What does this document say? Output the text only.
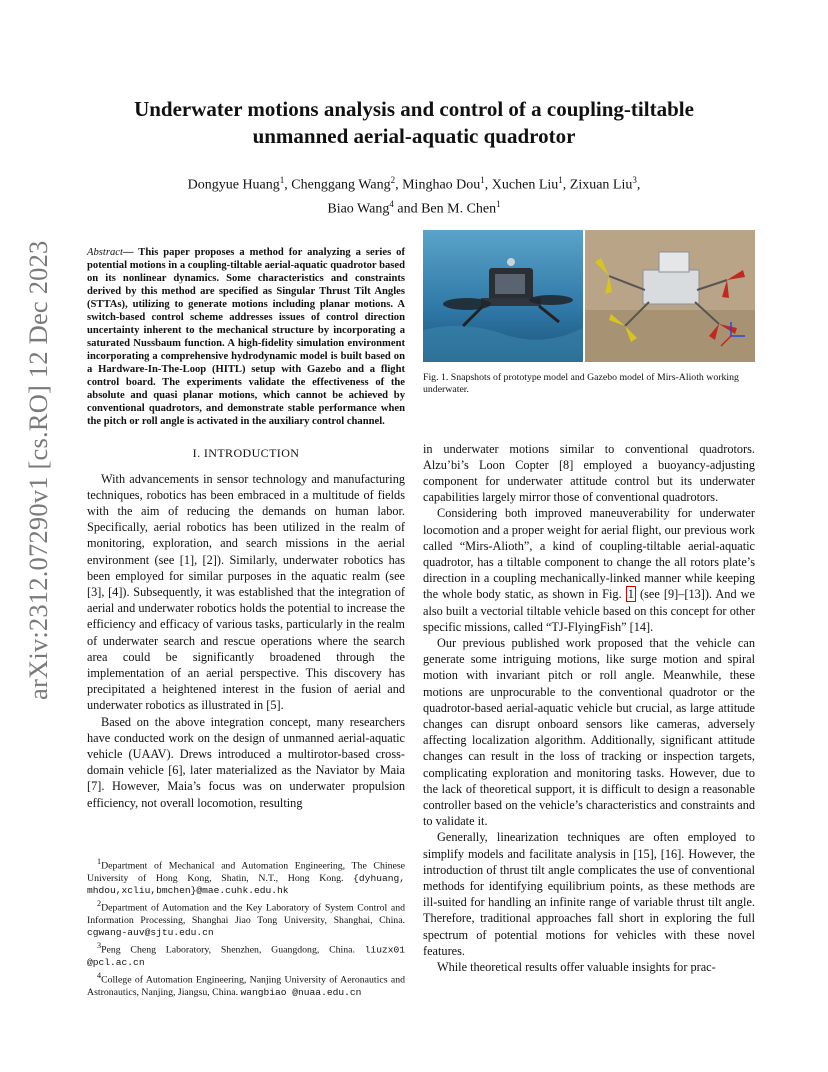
arXiv:2312.07290v1 [cs.RO] 12 Dec 2023
Underwater motions analysis and control of a coupling-tiltable
unmanned aerial-aquatic quadrotor
Dongyue Huang$^1$, Chenggang Wang$^2$, Minghao Dou$^1$, Xuchen Liu$^1$, Zixuan Liu$^3$,
Biao Wang$^4$ and Ben M. Chen$^1$

Abstract— This paper proposes a method for analyzing a series of potential motions in a coupling-tiltable aerial-aquatic quadrotor based on its nonlinear dynamics. Some characteristics and constraints derived by this method are specified as Singular Thrust Tilt Angles (STTAs), utilizing to generate motions including planar motions. A switch-based control scheme addresses issues of control direction uncertainty inherent to the mechanical structure by incorporating a saturated Nussbaum function. A high-fidelity simulation environment incorporating a comprehensive hydrodynamic model is built based on a Hardware-In-The-Loop (HITL) setup with Gazebo and a flight control board. The experiments validate the effectiveness of the absolute and quasi planar motions, which cannot be achieved by conventional quadrotors, and demonstrate stable performance when the pitch or roll angle is activated in the auxiliary control channel.

I. INTRODUCTION

With advancements in sensor technology and manufacturing techniques, robotics has been embraced in a multitude of fields with the aim of reducing the demands on human labor. Specifically, aerial robotics has been utilized in the realm of monitoring, exploration, and search missions in the aerial environment (see [1], [2]). Similarly, underwater robotics has been employed for similar purposes in the aquatic realm (see [3], [4]). Subsequently, it was established that the integration of aerial and underwater robotics holds the potential to increase the efficiency and efficacy of various tasks, particularly in the realm of underwater search and rescue operations where the search area could be significantly broadened through the implementation of an aerial perspective. This discovery has precipitated a heightened interest in the fusion of aerial and underwater robotics as illustrated in [5].

Based on the above integration concept, many researchers have conducted work on the design of unmanned aerial-aquatic vehicle (UAAV). Drews introduced a multirotor-based cross-domain vehicle [6], later materialized as the Naviator by Maia [7]. However, Maia’s focus was on underwater propulsion efficiency, not overall locomotion, resulting

$^1$Department of Mechanical and Automation Engineering, The Chinese University of Hong Kong, Shatin, N.T., Hong Kong. {dyhuang, mhdou,xcliu,bmchen}@mae.cuhk.edu.hk

$^2$Department of Automation and the Key Laboratory of System Control and Information Processing, Shanghai Jiao Tong University, Shanghai, China. cgwang-auv@sjtu.edu.cn

$^3$Peng Cheng Laboratory, Shenzhen, Guangdong, China. liuzx01 @pcl.ac.cn

$^4$College of Automation Engineering, Nanjing University of Aeronautics and Astronautics, Nanjing, Jiangsu, China. wangbiao @nuaa.edu.cn

Fig. 1. Snapshots of prototype model and Gazebo model of Mirs-Alioth working underwater.

in underwater motions similar to conventional quadrotors. Alzu’bi’s Loon Copter [8] employed a buoyancy-adjusting component for underwater attitude control but its underwater capabilities largely mirror those of conventional quadrotors.

Considering both improved maneuverability for underwater locomotion and a proper weight for aerial flight, our previous work called “Mirs-Alioth”, a kind of coupling-tiltable aerial-aquatic quadrotor, has a tiltable component to change the all rotors plate’s direction in a coupling mechanically-linked manner while keeping the whole body static, as shown in Fig. 1 (see [9]–[13]). And we also built a vectorial tiltable vehicle based on this concept for other specific missions, called “TJ-FlyingFish” [14].

Our previous published work proposed that the vehicle can generate some intriguing motions, like surge motion and spiral motion with invariant pitch or roll angle. Meanwhile, these motions are unprocurable to the conventional quadrotor or the quadrotor-based aerial-aquatic vehicle but crucial, as large attitude changes can disrupt onboard sensors like cameras, adversely affecting localization algorithm. Additionally, significant attitude changes can result in the loss of tracking or inspection targets, complicating exploration and monitoring tasks. However, due to the lack of theoretical support, it is difficult to design a reasonable controller based on the vehicle’s characteristics and constraints and to validate it.

Generally, linearization techniques are often employed to simplify models and facilitate analysis in [15], [16]. However, the introduction of thrust tilt angle complicates the use of conventional methods for identifying equilibrium points, as these methods are ill-suited for handling an infinite range of variable thrust tilt angle. Therefore, traditional approaches fall short in exploring the full spectrum of potential motions for vehicles with these novel features.

While theoretical results offer valuable insights for prac-
